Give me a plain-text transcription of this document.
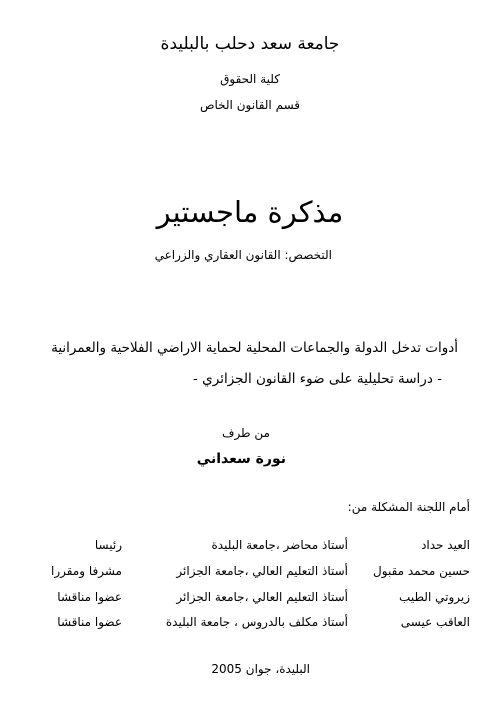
جامعة سعد دحلب بالبليدة
كلية الحقوق
قسم القانون الخاص
مذكرة ماجستير
التخصص: القانون العقاري والزراعي
أدوات تدخل الدولة والجماعات المحلية لحماية الاراضي الفلاحية والعمرانية
- دراسة تحليلية على ضوء القانون الجزائري -
من طرف
نورة سعداني
أمام اللجنة المشكلة من:
العيد حداد
أستاذ محاضر ،جامعة البليدة
رئيسا
حسين محمد مقبول
أستاذ التعليم العالي ،جامعة الجزائر
مشرفا ومقررا
زيروتي الطيب
أستاذ التعليم العالي ،جامعة الجزائر
عضوا مناقشا
العاقب عيسى
أستاذ مكلف بالدروس ، جامعة البليدة
عضوا مناقشا
البليدة، جوان 2005
